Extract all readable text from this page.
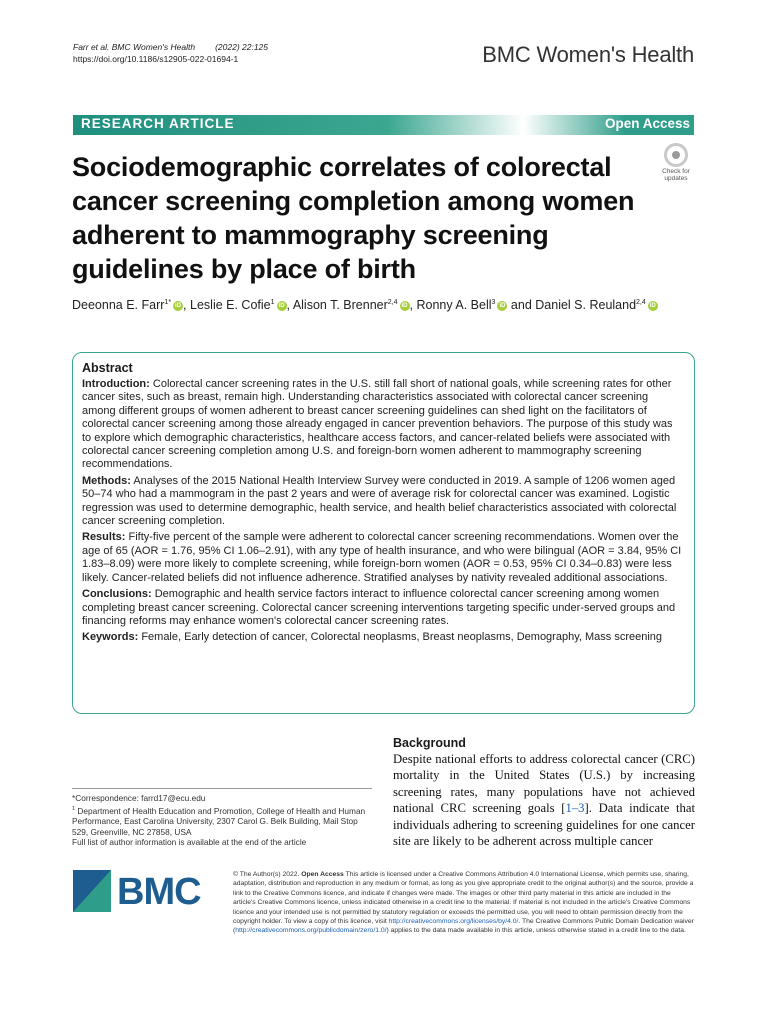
Farr et al. BMC Women's Health (2022) 22:125
https://doi.org/10.1186/s12905-022-01694-1	BMC Women's Health
RESEARCH ARTICLE	Open Access
Sociodemographic correlates of colorectal cancer screening completion among women adherent to mammography screening guidelines by place of birth
Check for updates
Deeonna E. Farr$^{1*}$ iD , Leslie E. Cofie$^1$ iD , Alison T. Brenner$^{2,4}$ iD , Ronny A. Bell$^3$ iD and Daniel S. Reuland$^{2,4}$ iD
Abstract

Introduction: Colorectal cancer screening rates in the U.S. still fall short of national goals, while screening rates for other cancer sites, such as breast, remain high. Understanding characteristics associated with colorectal cancer screening among different groups of women adherent to breast cancer screening guidelines can shed light on the facilitators of colorectal cancer screening among those already engaged in cancer prevention behaviors. The purpose of this study was to explore which demographic characteristics, healthcare access factors, and cancer-related beliefs were associated with colorectal cancer screening completion among U.S. and foreign-born women adherent to mammography screening recommendations.

Methods: Analyses of the 2015 National Health Interview Survey were conducted in 2019. A sample of 1206 women aged 50–74 who had a mammogram in the past 2 years and were of average risk for colorectal cancer was examined. Logistic regression was used to determine demographic, health service, and health belief characteristics associated with colorectal cancer screening completion.

Results: Fifty-five percent of the sample were adherent to colorectal cancer screening recommendations. Women over the age of 65 (AOR = 1.76, 95% CI 1.06–2.91), with any type of health insurance, and who were bilingual (AOR = 3.84, 95% CI 1.83–8.09) were more likely to complete screening, while foreign-born women (AOR = 0.53, 95% CI 0.34–0.83) were less likely. Cancer-related beliefs did not influence adherence. Stratified analyses by nativity revealed additional associations.

Conclusions: Demographic and health service factors interact to influence colorectal cancer screening among women completing breast cancer screening. Colorectal cancer screening interventions targeting specific under-served groups and financing reforms may enhance women's colorectal cancer screening rates.

Keywords: Female, Early detection of cancer, Colorectal neoplasms, Breast neoplasms, Demography, Mass screening

*Correspondence: farrd17@ecu.edu
$^1$ Department of Health Education and Promotion, College of Health and Human Performance, East Carolina University, 2307 Carol G. Belk Building, Mail Stop 529, Greenville, NC 27858, USA
Full list of author information is available at the end of the article
Background

Despite national efforts to address colorectal cancer (CRC) mortality in the United States (U.S.) by increasing screening rates, many populations have not achieved national CRC screening goals [1–3]. Data indicate that individuals adhering to screening guidelines for one cancer site are likely to be adherent across multiple cancer

BMC	© The Author(s) 2022. Open Access This article is licensed under a Creative Commons Attribution 4.0 International License, which permits use, sharing, adaptation, distribution and reproduction in any medium or format, as long as you give appropriate credit to the original author(s) and the source, provide a link to the Creative Commons licence, and indicate if changes were made. The images or other third party material in this article are included in the article's Creative Commons licence, unless indicated otherwise in a credit line to the material. If material is not included in the article's Creative Commons licence and your intended use is not permitted by statutory regulation or exceeds the permitted use, you will need to obtain permission directly from the copyright holder. To view a copy of this licence, visit http://creativecommons.org/licenses/by/4.0/. The Creative Commons Public Domain Dedication waiver (http://creativecommons.org/publicdomain/zero/1.0/) applies to the data made available in this article, unless otherwise stated in a credit line to the data.
